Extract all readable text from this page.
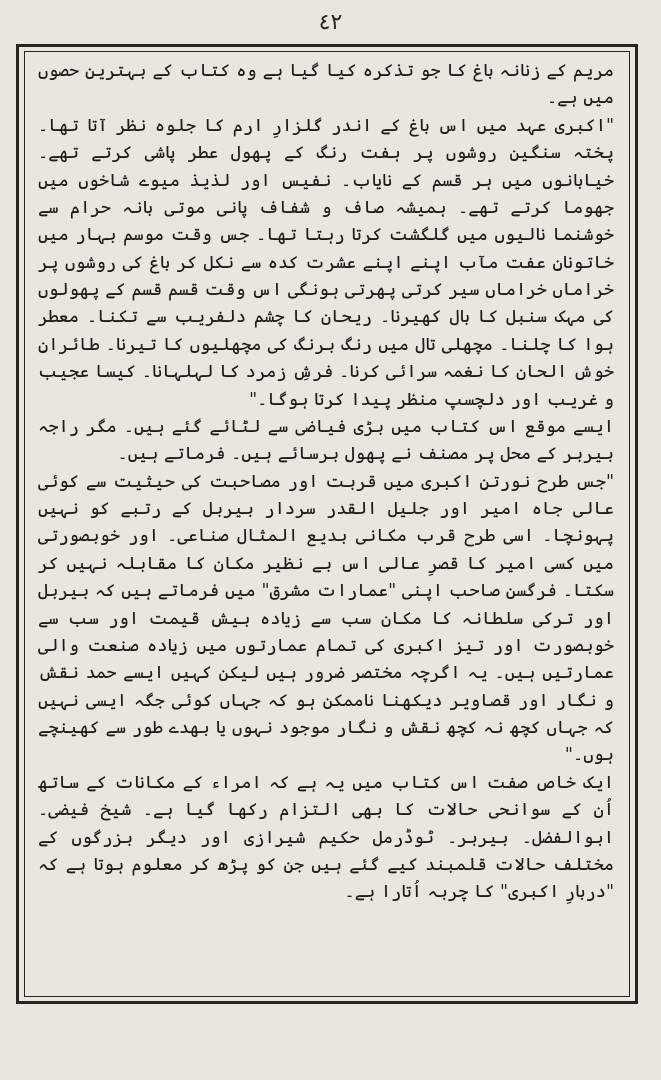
٤٢

مریم کے زنانہ باغ کا جو تذکرہ کیا گیا ہے وہ کتاب کے بہترین حصوں میں ہے۔

"اکبری عہد میں اس باغ کے اندر گلزارِ ارم کا جلوہ نظر آتا تھا۔ پختہ سنگین روشوں پر ہفت رنگ کے پھول عطر پاشی کرتے تھے۔ خیابانوں میں ہر قسم کے نایاب۔ نفیس اور لذیذ میوے شاخوں میں جھوما کرتے تھے۔ ہمیشہ صاف و شفاف پانی موتی بانہ حرام سے خوشنما نالیوں میں گلگشت کرتا رہتا تھا۔ جس وقت موسم بہار میں خاتونانِ عفت مآب اپنے اپنے عشرت کدہ سے نکل کر باغ کی روشوں پر خراماں خراماں سیر کرتی پھرتی ہونگی اس وقت قسم قسم کے پھولوں کی مہک سنبل کا بال کھیرنا۔ ریحان کا چشم دلفریب سے تکنا۔ معطر ہوا کا چلنا۔ مچھلی تال میں رنگ برنگ کی مچھلیوں کا تیرنا۔ طائرانِ خوش الحان کا نغمہ سرائی کرنا۔ فرشِ زمرد کا لہلہانا۔ کیسا عجیب و غریب اور دلچسپ منظر پیدا کرتا ہوگا۔"

ایسے موقع اس کتاب میں بڑی فیاضی سے لٹائے گئے ہیں۔ مگر راجہ بیربر کے محل پر مصنف نے پھول برسائے ہیں۔ فرماتے ہیں۔

"جس طرح نورتنِ اکبری میں قربت اور مصاحبت کی حیثیت سے کوئی عالی جاہ امیر اور جلیل القدر سردار بیربل کے رتبے کو نہیں پہونچا۔ اسی طرح قرب مکانی بدیع المثال صناعی۔ اور خوبصورتی میں کسی امیر کا قصرِ عالی اس بے نظیر مکان کا مقابلہ نہیں کر سکتا۔ فرگسن صاحب اپنی "عمارات مشرق" میں فرماتے ہیں کہ بیربل اور ترکی سلطانہ کا مکان سب سے زیادہ بیش قیمت اور سب سے خوبصورت اور تیز اکبری کی تمام عمارتوں میں زیادہ صنعت والی عمارتیں ہیں۔ یہ اگرچہ مختصر ضرور ہیں لیکن کہیں ایسے حمد نقش و نگار اور قصاویر دیکھنا ناممکن ہو کہ جہاں کوئی جگہ ایسی نہیں کہ جہاں کچھ نہ کچھ نقش و نگار موجود نہوں یا بھدے طور سے کھینچے ہوں۔"

ایک خاص صفت اس کتاب میں یہ ہے کہ امراء کے مکانات کے ساتھ اُن کے سوانحی حالات کا بھی التزام رکھا گیا ہے۔ شیخ فیضی۔ ابوالفضل۔ بیربر۔ ٹوڈرمل حکیم شیرازی اور دیگر بزرگوں کے مختلف حالات قلمبند کیے گئے ہیں جن کو پڑھ کر معلوم ہوتا ہے کہ "دربارِ اکبری" کا چربہ اُتارا ہے۔
